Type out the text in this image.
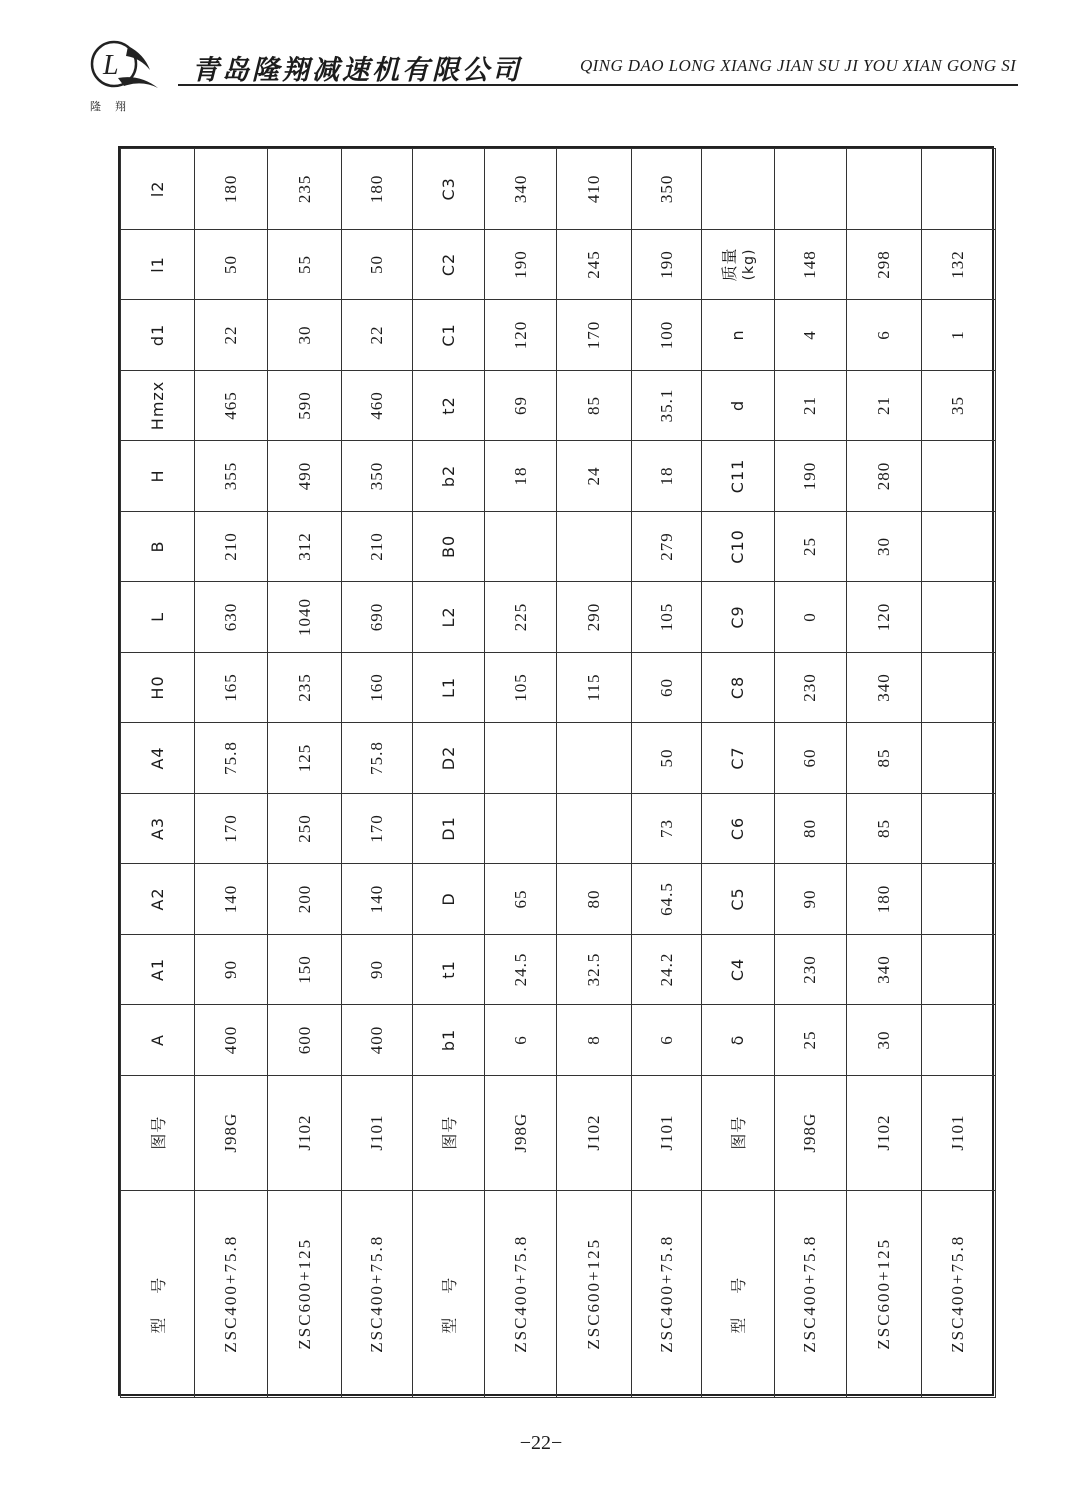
L
隆翔
青岛隆翔减速机有限公司	QING DAO LONG XIANG JIAN SU JI YOU XIAN GONG SI
型号	图号	A	A1	A2	A3	A4	H0	L	B	H	Hmzx	d1	l1	l2
ZSC400+75.8	J98G	400	90	140	170	75.8	165	630	210	355	465	22	50	180
ZSC600+125	J102	600	150	200	250	125	235	1040	312	490	590	30	55	235
ZSC400+75.8	J101	400	90	140	170	75.8	160	690	210	350	460	22	50	180
型号	图号	b1	t1	D	D1	D2	L1	L2	B0	b2	t2	C1	C2	C3
ZSC400+75.8	J98G	6	24.5	65			105	225		18	69	120	190	340
ZSC600+125	J102	8	32.5	80			115	290		24	85	170	245	410
ZSC400+75.8	J101	6	24.2	64.5	73	50	60	105	279	18	35.1	100	190	350
型号	图号	δ	C4	C5	C6	C7	C8	C9	C10	C11	d	n	质量 (kg)	

ZSC400+75.8	J98G	25	230	90	80	60	230	0	25	190	21	4	148	
ZSC600+125	J102	30	340	180	85	85	340	120	30	280	21	6	298	
ZSC400+75.8	J101										35	1	132	
−22−
